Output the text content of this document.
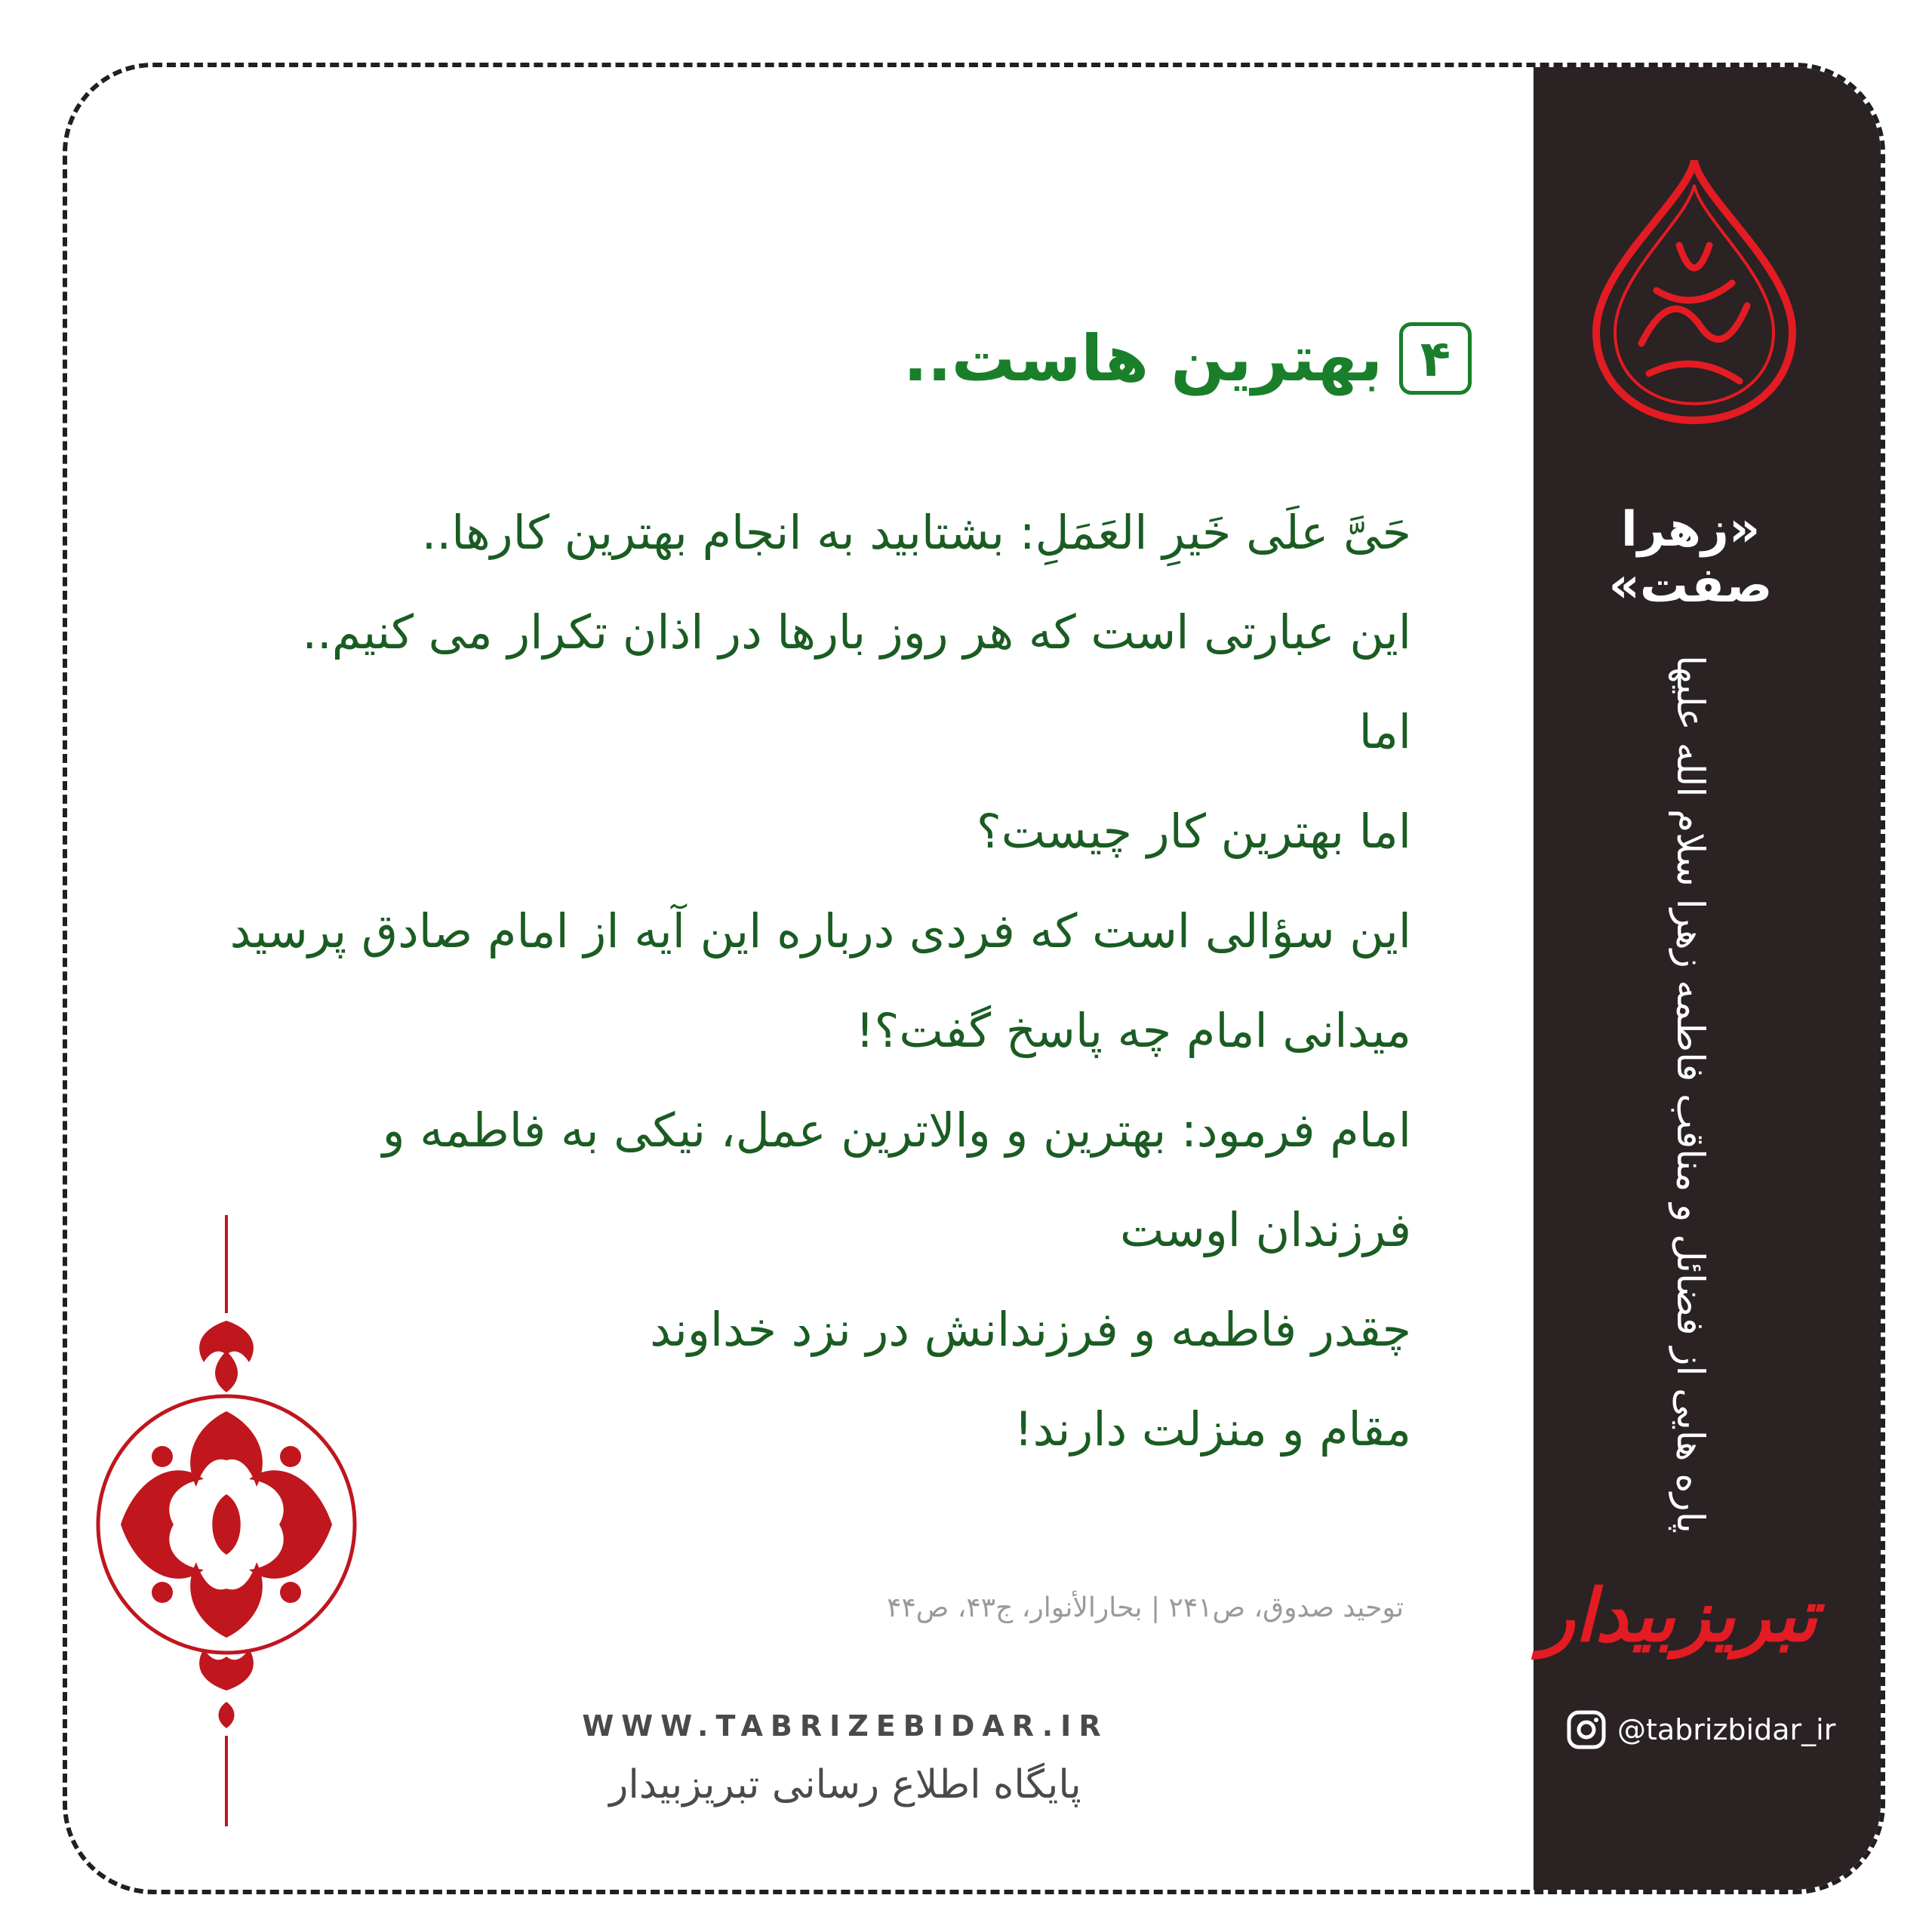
«زهرا صفت»
پاره هایی از فضائل و مناقب فاطمه زهرا سلام الله علیها
تبریزبیدار
@tabrizbidar_ir
بهترین هاست.. ۴
حَیَّ علَی خَیرِ العَمَلِ: بشتابید به انجام بهترین کارها..
این عبارتی است که هر روز بارها در اذان تکرار می کنیم..
اما
اما بهترین کار چیست؟
این سؤالی است که فردی درباره این آیه از امام صادق پرسید
میدانی امام چه پاسخ گفت؟!
امام فرمود: بهترین و والاترین عمل، نیکی به فاطمه و
فرزندان اوست
چقدر فاطمه و فرزندانش در نزد خداوند
مقام و منزلت دارند!
توحید صدوق، ص۲۴۱ | بحارالأنوار، ج۴۳، ص۴۴
WWW.TABRIZEBIDAR.IR
پایگاه اطلاع رسانی تبریزبیدار
